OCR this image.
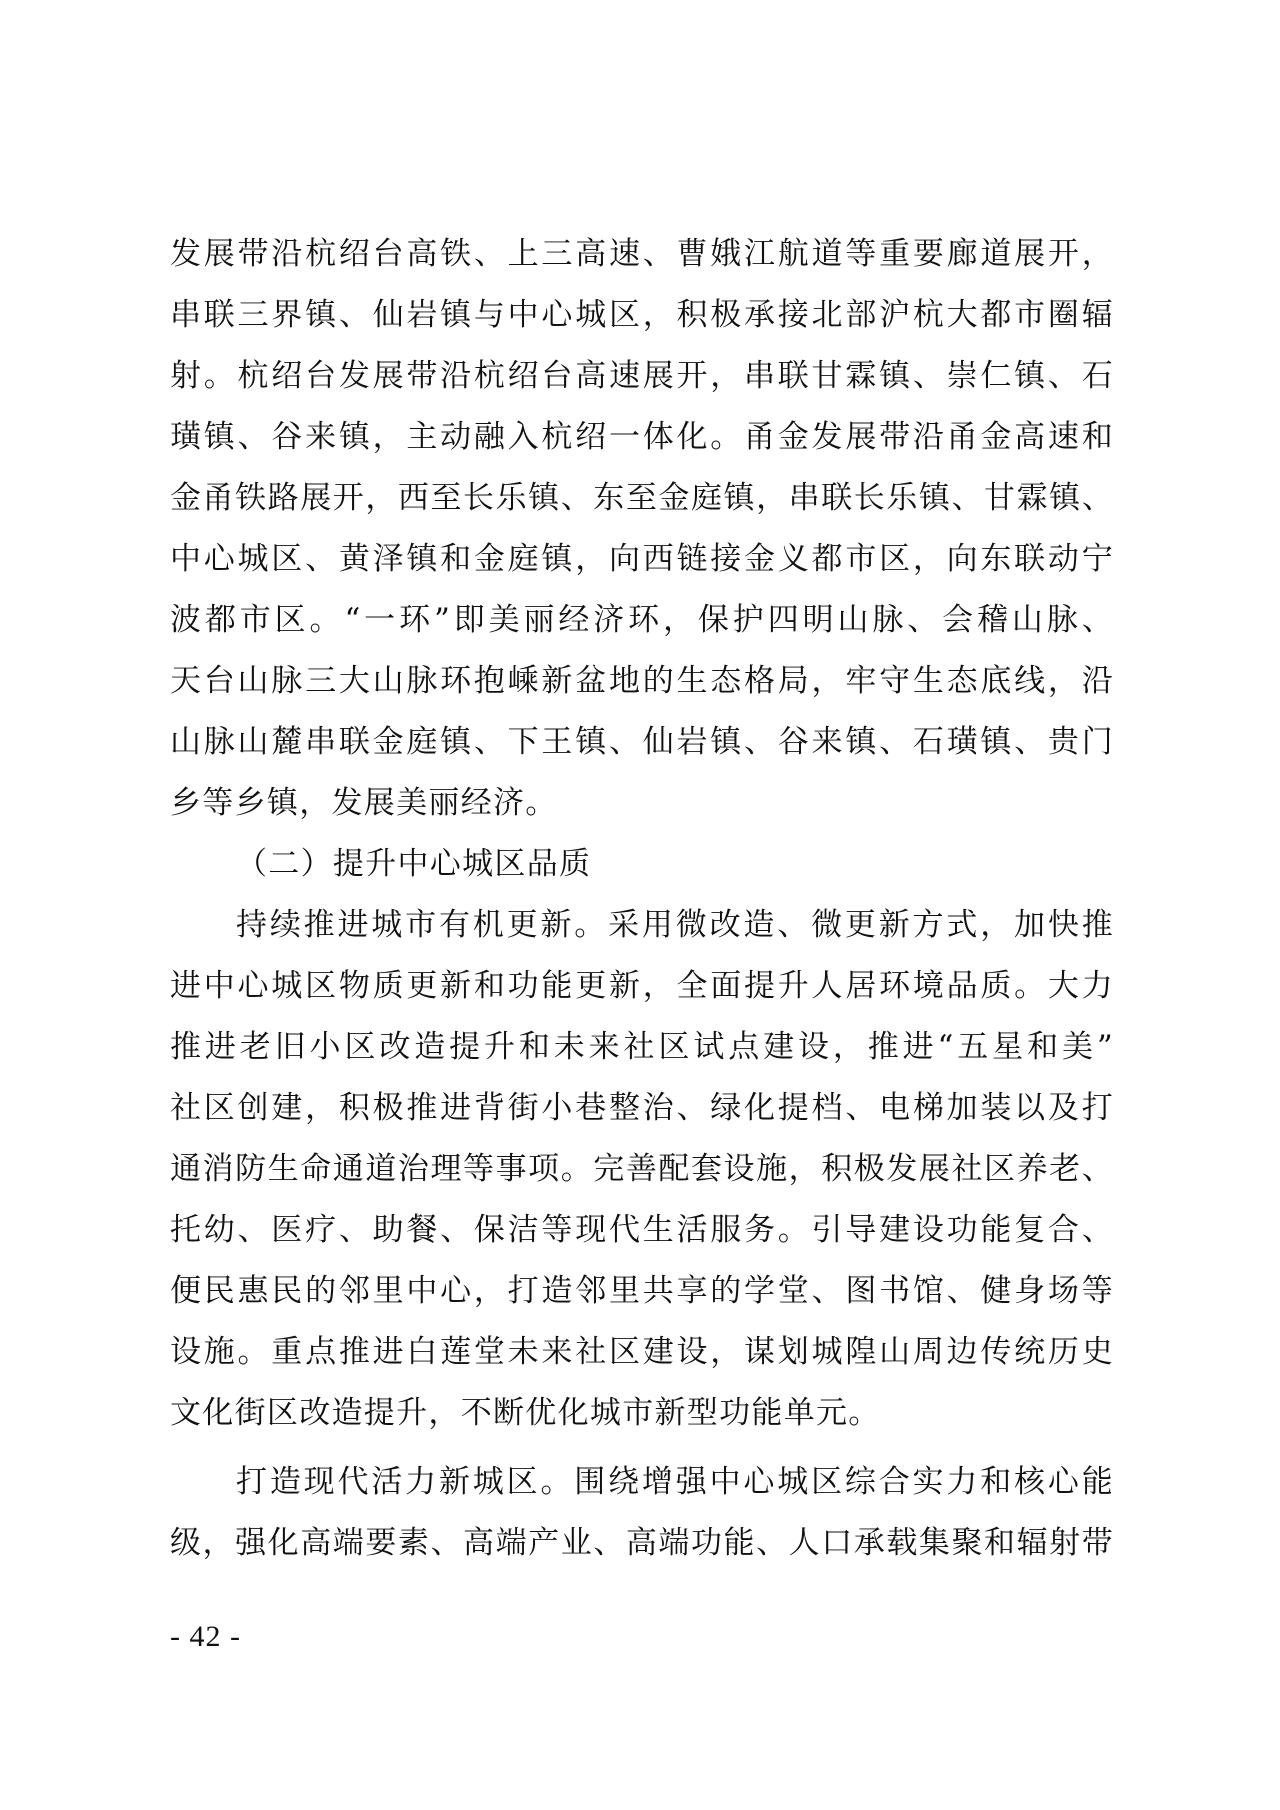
发展带沿杭绍台高铁、上三高速、曹娥江航道等重要廊道展开，
串联三界镇、仙岩镇与中心城区，积极承接北部沪杭大都市圈辐
射。杭绍台发展带沿杭绍台高速展开，串联甘霖镇、崇仁镇、石
璜镇、谷来镇，主动融入杭绍一体化。甬金发展带沿甬金高速和
金甬铁路展开，西至长乐镇、东至金庭镇，串联长乐镇、甘霖镇、
中心城区、黄泽镇和金庭镇，向西链接金义都市区，向东联动宁
波都市区。“一环”即美丽经济环，保护四明山脉、会稽山脉、
天台山脉三大山脉环抱嵊新盆地的生态格局，牢守生态底线，沿
山脉山麓串联金庭镇、下王镇、仙岩镇、谷来镇、石璜镇、贵门
乡等乡镇，发展美丽经济。
（二）提升中心城区品质
持续推进城市有机更新。采用微改造、微更新方式，加快推
进中心城区物质更新和功能更新，全面提升人居环境品质。大力
推进老旧小区改造提升和未来社区试点建设，推进“五星和美”
社区创建，积极推进背街小巷整治、绿化提档、电梯加装以及打
通消防生命通道治理等事项。完善配套设施，积极发展社区养老、
托幼、医疗、助餐、保洁等现代生活服务。引导建设功能复合、
便民惠民的邻里中心，打造邻里共享的学堂、图书馆、健身场等
设施。重点推进白莲堂未来社区建设，谋划城隍山周边传统历史
文化街区改造提升，不断优化城市新型功能单元。
打造现代活力新城区。围绕增强中心城区综合实力和核心能
级，强化高端要素、高端产业、高端功能、人口承载集聚和辐射带
- 42 -
